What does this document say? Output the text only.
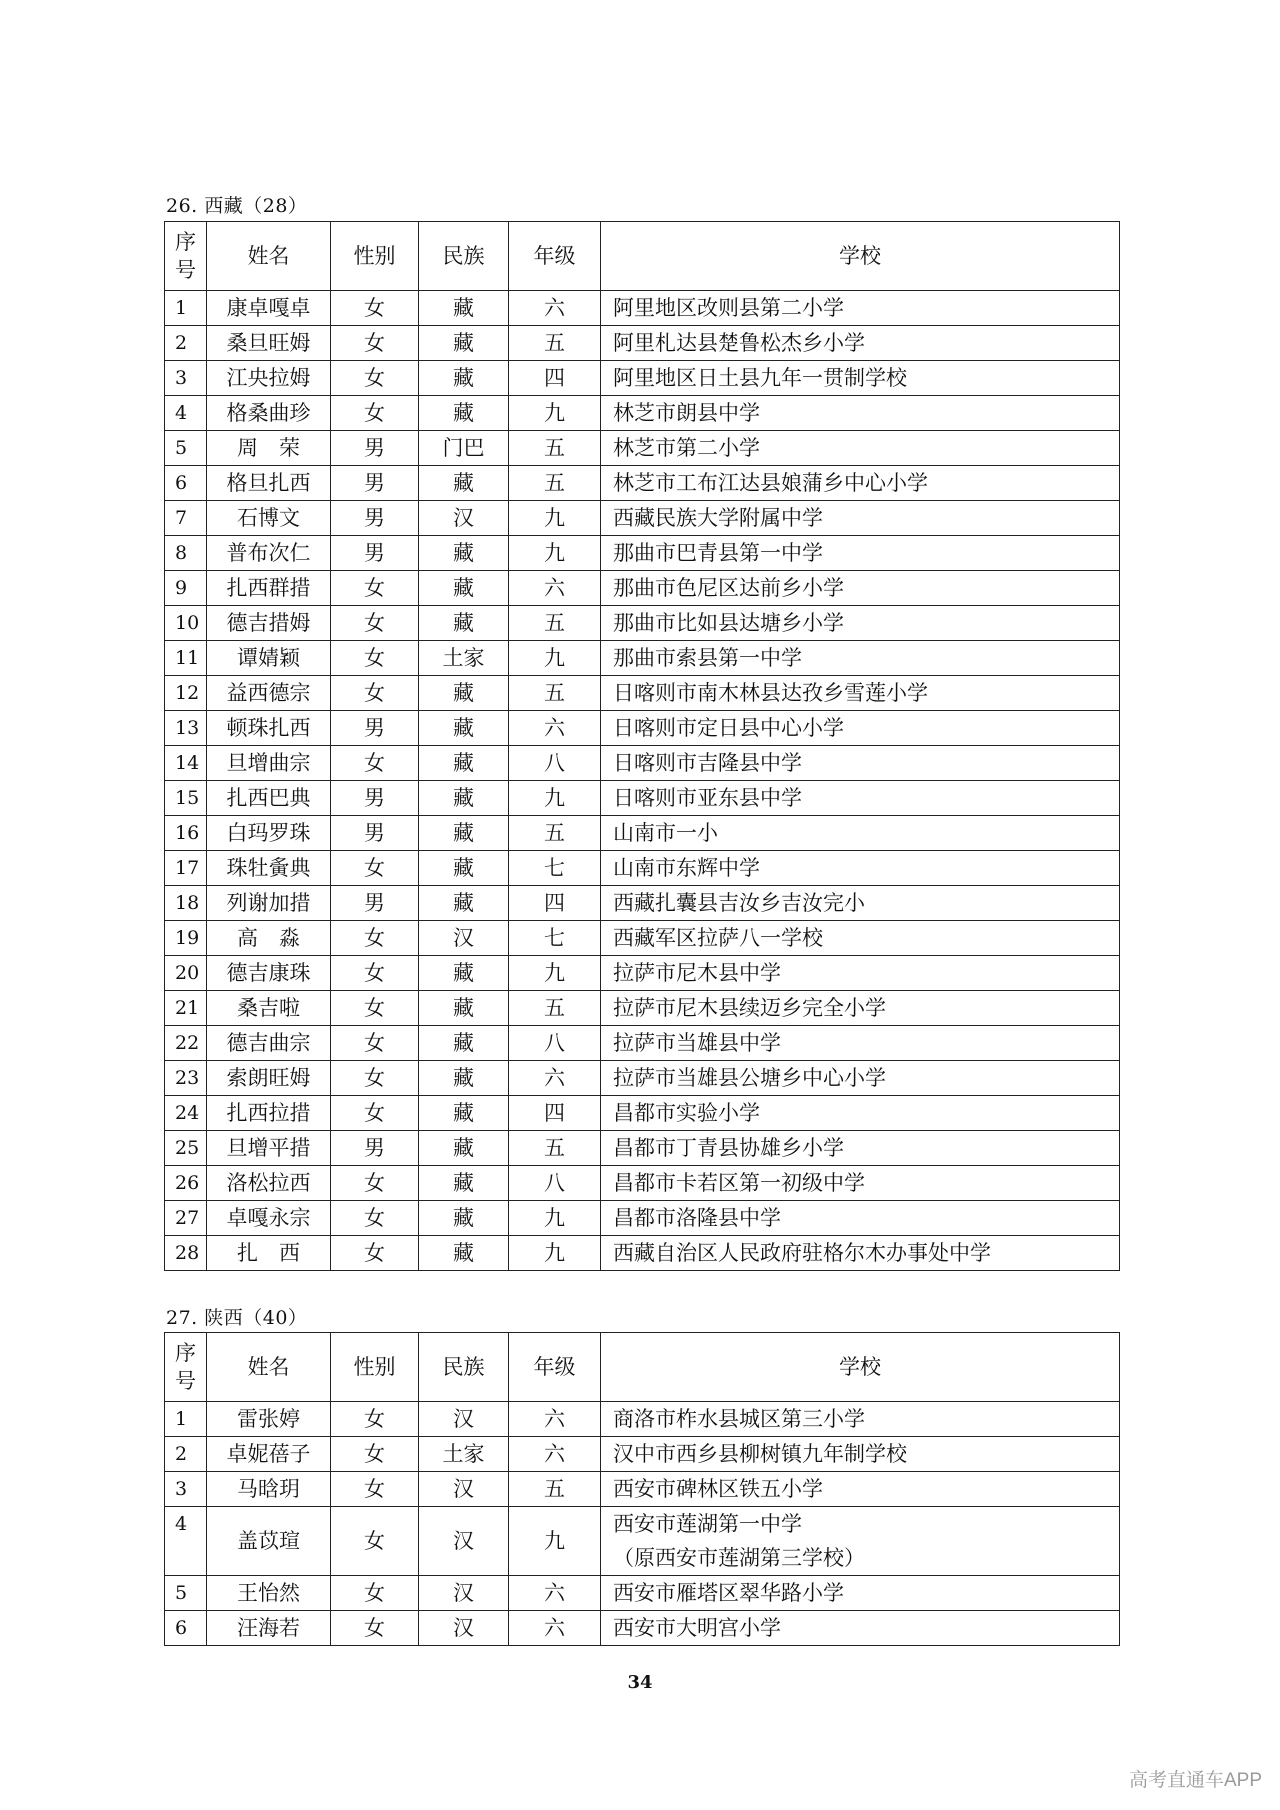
26. 西藏（28）
序号	姓名	性别	民族	年级	学校
1	康卓嘎卓	女	藏	六	阿里地区改则县第二小学
2	桑旦旺姆	女	藏	五	阿里札达县楚鲁松杰乡小学
3	江央拉姆	女	藏	四	阿里地区日土县九年一贯制学校
4	格桑曲珍	女	藏	九	林芝市朗县中学
5	周　荣	男	门巴	五	林芝市第二小学
6	格旦扎西	男	藏	五	林芝市工布江达县娘蒲乡中心小学
7	石博文	男	汉	九	西藏民族大学附属中学
8	普布次仁	男	藏	九	那曲市巴青县第一中学
9	扎西群措	女	藏	六	那曲市色尼区达前乡小学
10	德吉措姆	女	藏	五	那曲市比如县达塘乡小学
11	谭婧颖	女	土家	九	那曲市索县第一中学
12	益西德宗	女	藏	五	日喀则市南木林县达孜乡雪莲小学
13	顿珠扎西	男	藏	六	日喀则市定日县中心小学
14	旦增曲宗	女	藏	八	日喀则市吉隆县中学
15	扎西巴典	男	藏	九	日喀则市亚东县中学
16	白玛罗珠	男	藏	五	山南市一小
17	珠牡夤典	女	藏	七	山南市东辉中学
18	列谢加措	男	藏	四	西藏扎囊县吉汝乡吉汝完小
19	高　淼	女	汉	七	西藏军区拉萨八一学校
20	德吉康珠	女	藏	九	拉萨市尼木县中学
21	桑吉啦	女	藏	五	拉萨市尼木县续迈乡完全小学
22	德吉曲宗	女	藏	八	拉萨市当雄县中学
23	索朗旺姆	女	藏	六	拉萨市当雄县公塘乡中心小学
24	扎西拉措	女	藏	四	昌都市实验小学
25	旦增平措	男	藏	五	昌都市丁青县协雄乡小学
26	洛松拉西	女	藏	八	昌都市卡若区第一初级中学
27	卓嘎永宗	女	藏	九	昌都市洛隆县中学
28	扎　西	女	藏	九	西藏自治区人民政府驻格尔木办事处中学
27. 陕西（40）
序号	姓名	性别	民族	年级	学校
1	雷张婷	女	汉	六	商洛市柞水县城区第三小学
2	卓妮蓓子	女	土家	六	汉中市西乡县柳树镇九年制学校
3	马晗玥	女	汉	五	西安市碑林区铁五小学
4	盖苡瑄	女	汉	九	西安市莲湖第一中学
（原西安市莲湖第三学校）

5	王怡然	女	汉	六	西安市雁塔区翠华路小学
6	汪海若	女	汉	六	西安市大明宫小学
34
高考直通车APP
